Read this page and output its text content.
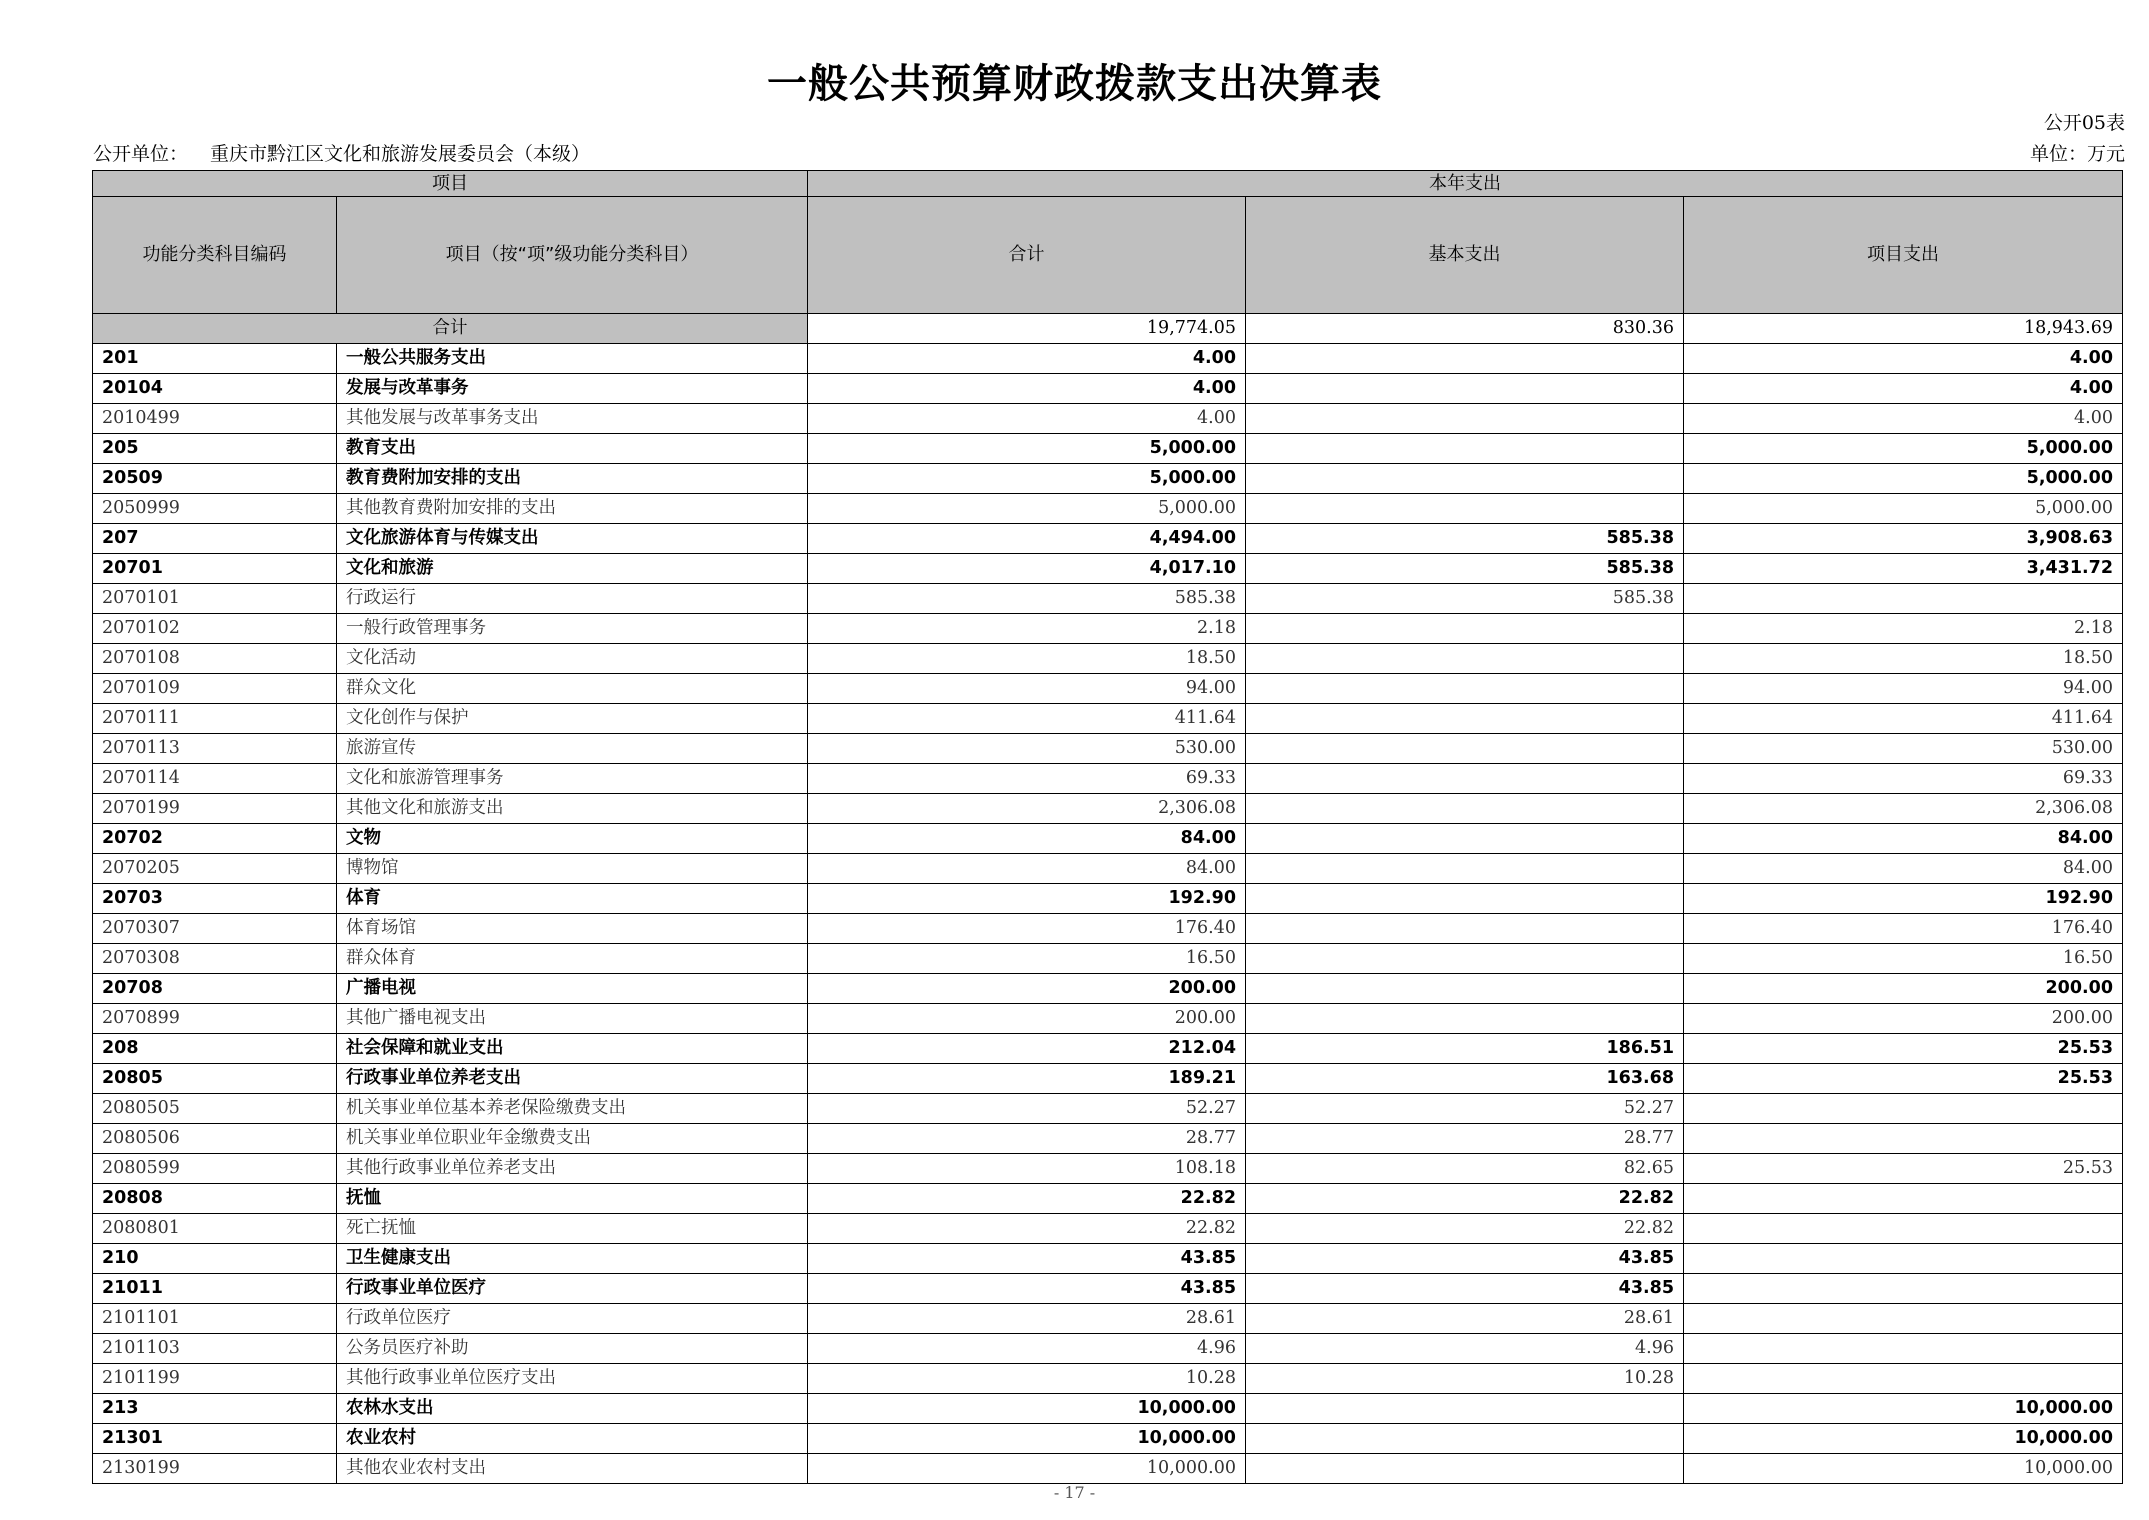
一般公共预算财政拨款支出决算表
公开05表
公开单位： 重庆市黔江区文化和旅游发展委员会（本级）	单位：万元
项目		本年支出		
功能分类科目编码	项目（按“项”级功能分类科目）	合计	基本支出	项目支出
合计		19,774.05	830.36	18,943.69
201	一般公共服务支出	4.00		4.00
20104	发展与改革事务	4.00		4.00
2010499	其他发展与改革事务支出	4.00		4.00
205	教育支出	5,000.00		5,000.00
20509	教育费附加安排的支出	5,000.00		5,000.00
2050999	其他教育费附加安排的支出	5,000.00		5,000.00
207	文化旅游体育与传媒支出	4,494.00	585.38	3,908.63
20701	文化和旅游	4,017.10	585.38	3,431.72
2070101	行政运行	585.38	585.38	
2070102	一般行政管理事务	2.18		2.18
2070108	文化活动	18.50		18.50
2070109	群众文化	94.00		94.00
2070111	文化创作与保护	411.64		411.64
2070113	旅游宣传	530.00		530.00
2070114	文化和旅游管理事务	69.33		69.33
2070199	其他文化和旅游支出	2,306.08		2,306.08
20702	文物	84.00		84.00
2070205	博物馆	84.00		84.00
20703	体育	192.90		192.90
2070307	体育场馆	176.40		176.40
2070308	群众体育	16.50		16.50
20708	广播电视	200.00		200.00
2070899	其他广播电视支出	200.00		200.00
208	社会保障和就业支出	212.04	186.51	25.53
20805	行政事业单位养老支出	189.21	163.68	25.53
2080505	机关事业单位基本养老保险缴费支出	52.27	52.27	
2080506	机关事业单位职业年金缴费支出	28.77	28.77	
2080599	其他行政事业单位养老支出	108.18	82.65	25.53
20808	抚恤	22.82	22.82	
2080801	死亡抚恤	22.82	22.82	
210	卫生健康支出	43.85	43.85	
21011	行政事业单位医疗	43.85	43.85	
2101101	行政单位医疗	28.61	28.61	
2101103	公务员医疗补助	4.96	4.96	
2101199	其他行政事业单位医疗支出	10.28	10.28	
213	农林水支出	10,000.00		10,000.00
21301	农业农村	10,000.00		10,000.00
2130199	其他农业农村支出	10,000.00		10,000.00
- 17 -
